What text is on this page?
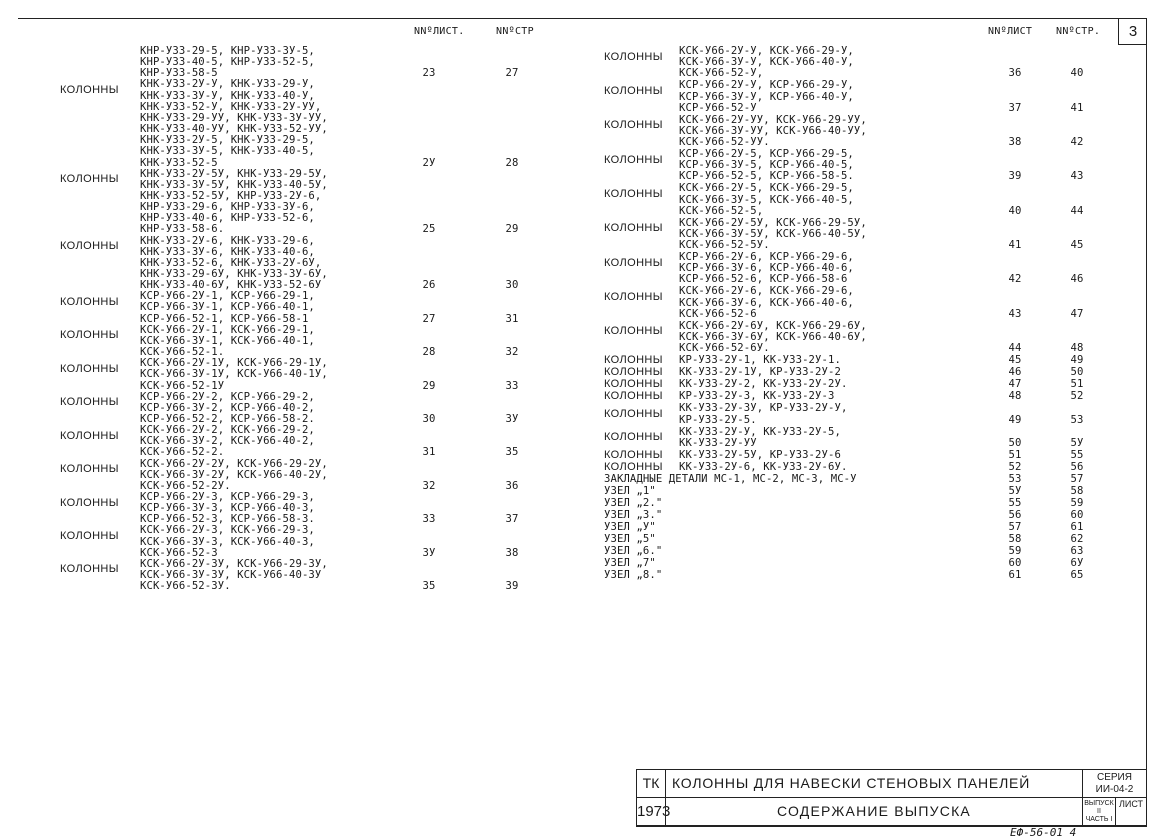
3
NNºЛИСТ.	NNºСТР	NNºЛИСТ NNºСТР.
КНР-У33-29-5, КНР-У33-3У-5,
КНР-У33-40-5, КНР-У33-52-5,
КНР-У33-58-5	23	27
КОЛОННЫ КНК-У33-2У-У, КНК-У33-29-У,
КНК-У33-3У-У, КНК-У33-40-У,
КНК-У33-52-У, КНК-У33-2У-УУ,
КНК-У33-29-УУ, КНК-У33-3У-УУ,
КНК-У33-40-УУ, КНК-У33-52-УУ,
КНК-У33-2У-5, КНК-У33-29-5,
КНК-У33-3У-5, КНК-У33-40-5,
КНК-У33-52-5	2У	28
КОЛОННЫ КНК-У33-2У-5У, КНК-У33-29-5У,
КНК-У33-3У-5У, КНК-У33-40-5У,
КНК-У33-52-5У, КНР-У33-2У-6,
КНР-У33-29-6, КНР-У33-3У-6,
КНР-У33-40-6, КНР-У33-52-6,
КНР-У33-58-6.	25	29
КОЛОННЫ КНК-У33-2У-6, КНК-У33-29-6,
КНК-У33-3У-6, КНК-У33-40-6,
КНК-У33-52-6, КНК-У33-2У-6У,
КНК-У33-29-6У, КНК-У33-3У-6У,
КНК-У33-40-6У, КНК-У33-52-6У	26	30
КОЛОННЫ КСР-У66-2У-1, КСР-У66-29-1,
КСР-У66-3У-1, КСР-У66-40-1,
КСР-У66-52-1, КСР-У66-58-1	27	31
КОЛОННЫ КСК-У66-2У-1, КСК-У66-29-1,
КСК-У66-3У-1, КСК-У66-40-1,
КСК-У66-52-1.	28	32
КОЛОННЫ КСК-У66-2У-1У, КСК-У66-29-1У,
КСК-У66-3У-1У, КСК-У66-40-1У,
КСК-У66-52-1У	29	33
КОЛОННЫ КСР-У66-2У-2, КСР-У66-29-2,
КСР-У66-3У-2, КСР-У66-40-2,
КСР-У66-52-2, КСР-У66-58-2.	30	3У
КОЛОННЫ КСК-У66-2У-2, КСК-У66-29-2,
КСК-У66-3У-2, КСК-У66-40-2,
КСК-У66-52-2.	31	35
КОЛОННЫ КСК-У66-2У-2У, КСК-У66-29-2У,
КСК-У66-3У-2У, КСК-У66-40-2У,
КСК-У66-52-2У.	32	36
КОЛОННЫ КСР-У66-2У-3, КСР-У66-29-3,
КСР-У66-3У-3, КСР-У66-40-3,
КСР-У66-52-3, КСР-У66-58-3.	33	37
КОЛОННЫ КСК-У66-2У-3, КСК-У66-29-3,
КСК-У66-3У-3, КСК-У66-40-3,
КСК-У66-52-3	3У	38
КОЛОННЫ КСК-У66-2У-3У, КСК-У66-29-3У,
КСК-У66-3У-3У, КСК-У66-40-3У
КСК-У66-52-3У.	35	39
КОЛОННЫ КСК-У66-2У-У, КСК-У66-29-У,
КСК-У66-3У-У, КСК-У66-40-У,
КСК-У66-52-У,	36	40
КОЛОННЫ КСР-У66-2У-У, КСР-У66-29-У,
КСР-У66-3У-У, КСР-У66-40-У,
КСР-У66-52-У	37	41
КОЛОННЫ КСК-У66-2У-УУ, КСК-У66-29-УУ,
КСК-У66-3У-УУ, КСК-У66-40-УУ,
КСК-У66-52-УУ.	38	42
КОЛОННЫ КСР-У66-2У-5, КСР-У66-29-5,
КСР-У66-3У-5, КСР-У66-40-5,
КСР-У66-52-5, КСР-У66-58-5.	39	43
КОЛОННЫ КСК-У66-2У-5, КСК-У66-29-5,
КСК-У66-3У-5, КСК-У66-40-5,
КСК-У66-52-5,	40	44
КОЛОННЫ КСК-У66-2У-5У, КСК-У66-29-5У,
КСК-У66-3У-5У, КСК-У66-40-5У,
КСК-У66-52-5У.	41	45
КОЛОННЫ КСР-У66-2У-6, КСР-У66-29-6,
КСР-У66-3У-6, КСР-У66-40-6,
КСР-У66-52-6, КСР-У66-58-6	42	46
КОЛОННЫ КСК-У66-2У-6, КСК-У66-29-6,
КСК-У66-3У-6, КСК-У66-40-6,
КСК-У66-52-6	43	47
КОЛОННЫ КСК-У66-2У-6У, КСК-У66-29-6У,
КСК-У66-3У-6У, КСК-У66-40-6У,
КСК-У66-52-6У.	44	48
КОЛОННЫ КР-У33-2У-1, КК-У33-2У-1.	45	49
КОЛОННЫ КК-У33-2У-1У, КР-У33-2У-2	46	50
КОЛОННЫ КК-У33-2У-2, КК-У33-2У-2У.	47	51
КОЛОННЫ КР-У33-2У-3, КК-У33-2У-3	48	52
КОЛОННЫ КК-У33-2У-3У, КР-У33-2У-У,
КР-У33-2У-5.	49	53
КОЛОННЫ КК-У33-2У-У, КК-У33-2У-5,
КК-У33-2У-УУ	50	5У
КОЛОННЫ КК-У33-2У-5У, КР-У33-2У-6	51	55
КОЛОННЫ КК-У33-2У-6, КК-У33-2У-6У.	52	56
ЗАКЛАДНЫЕ ДЕТАЛИ МС-1, МС-2, МС-3, МС-У	53	57
УЗЕЛ „1"	5У	58
УЗЕЛ „2."	55	59
УЗЕЛ „3."	56	60
УЗЕЛ „У"	57	61
УЗЕЛ „5"	58	62
УЗЕЛ „6."	59	63
УЗЕЛ „7"	60	6У
УЗЕЛ „8."	61	65
ТК
1973
КОЛОННЫ ДЛЯ НАВЕСКИ СТЕНОВЫХ ПАНЕЛЕЙ
СОДЕРЖАНИЕ ВЫПУСКА
СЕРИЯ
ИИ-04-2
ВЫПУСК
II
ЧАСТЬ I
ЛИСТ
ЕФ-56-01 4
